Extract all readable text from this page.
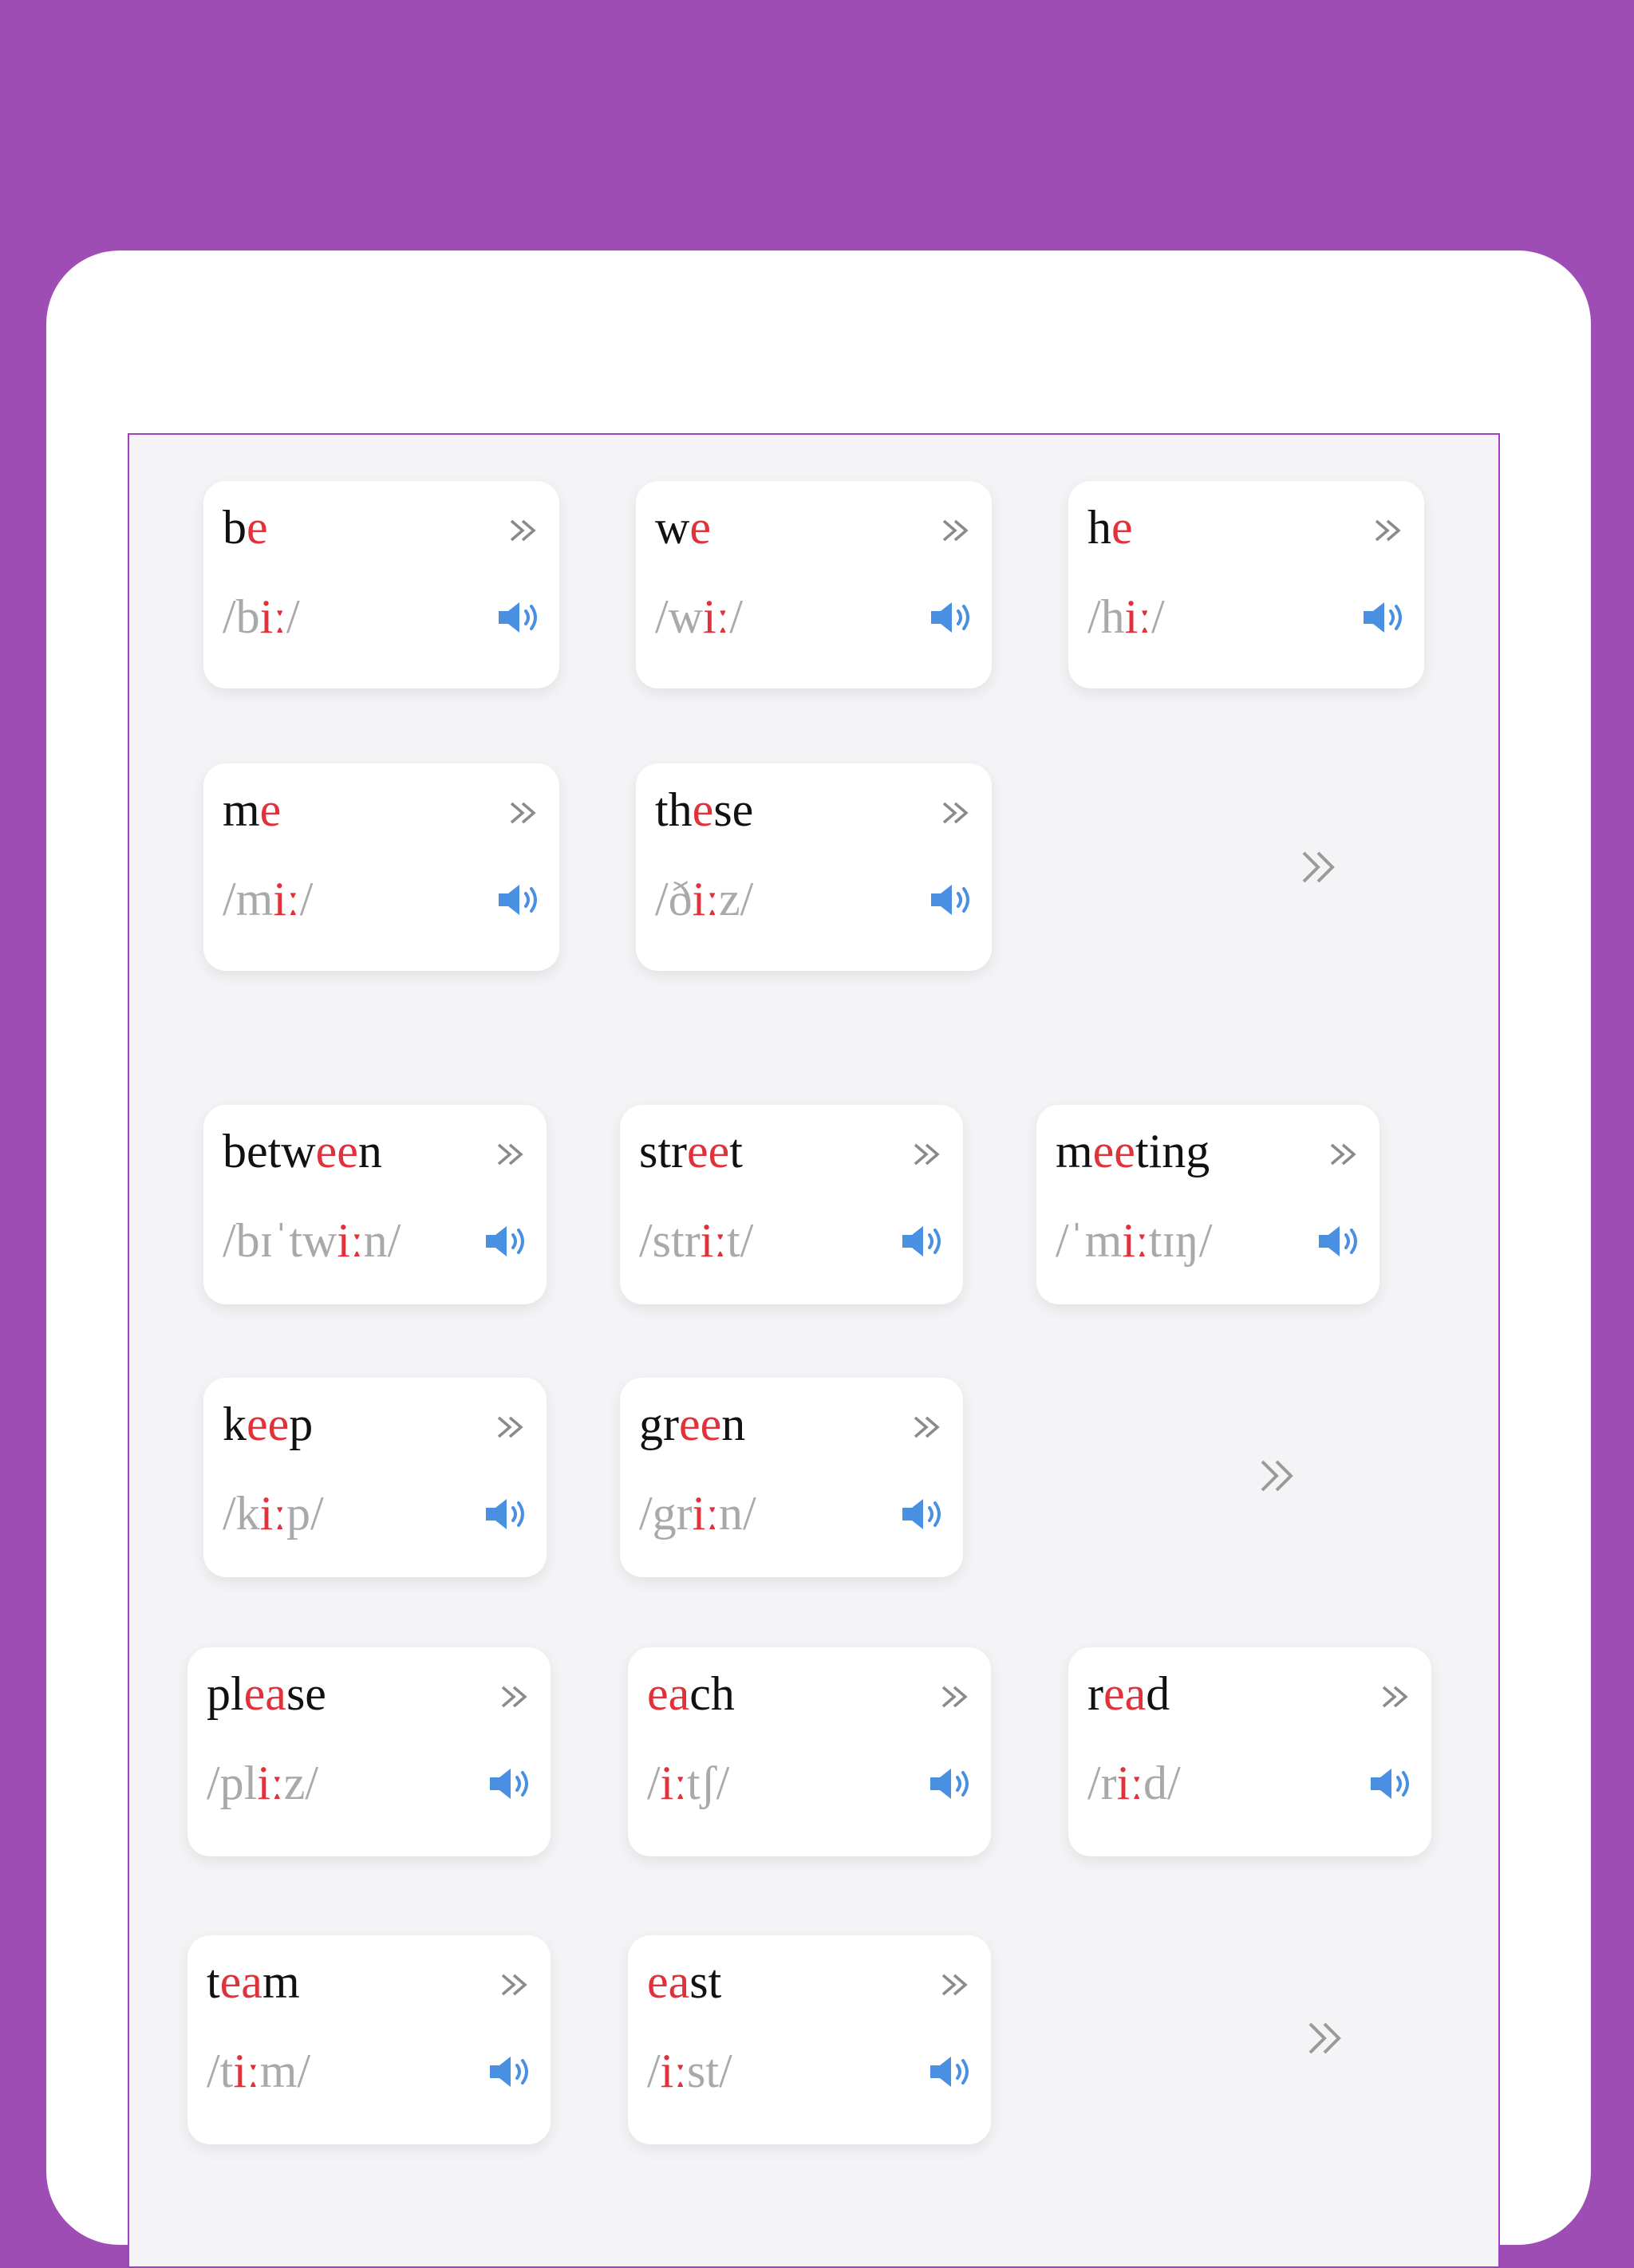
be
/biː/
we
/wiː/
he
/hiː/
me
/miː/
these
/ðiːz/
between
/bɪˈtwiːn/
street
/striːt/
meeting
/ˈmiːtɪŋ/
keep
/kiːp/
green
/griːn/
please
/pliːz/
each
/iːtʃ/
read
/riːd/
team
/tiːm/
east
/iːst/
